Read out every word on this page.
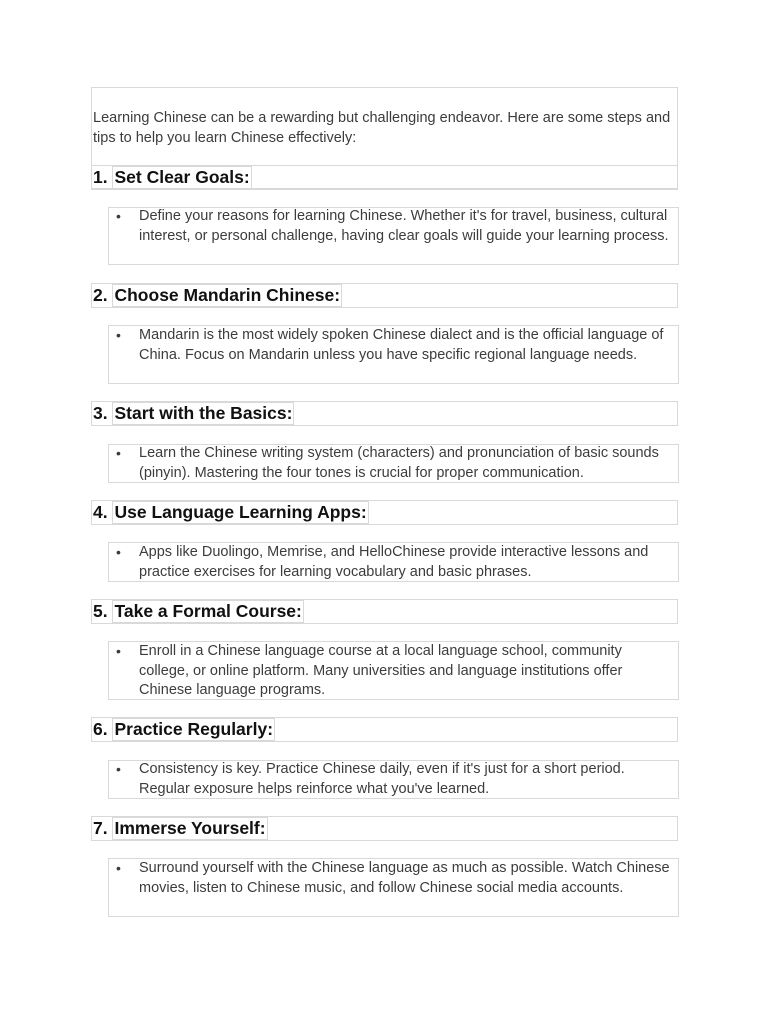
Learning Chinese can be a rewarding but challenging endeavor. Here are some steps and tips to help you learn Chinese effectively:

1. Set Clear Goals:
• Define your reasons for learning Chinese. Whether it's for travel, business, cultural interest, or personal challenge, having clear goals will guide your learning process.

2. Choose Mandarin Chinese:
• Mandarin is the most widely spoken Chinese dialect and is the official language of China. Focus on Mandarin unless you have specific regional language needs.

3. Start with the Basics:
• Learn the Chinese writing system (characters) and pronunciation of basic sounds (pinyin). Mastering the four tones is crucial for proper communication.

4. Use Language Learning Apps:
• Apps like Duolingo, Memrise, and HelloChinese provide interactive lessons and practice exercises for learning vocabulary and basic phrases.

5. Take a Formal Course:
• Enroll in a Chinese language course at a local language school, community college, or online platform. Many universities and language institutions offer Chinese language programs.

6. Practice Regularly:
• Consistency is key. Practice Chinese daily, even if it's just for a short period. Regular exposure helps reinforce what you've learned.

7. Immerse Yourself:
• Surround yourself with the Chinese language as much as possible. Watch Chinese movies, listen to Chinese music, and follow Chinese social media accounts.
